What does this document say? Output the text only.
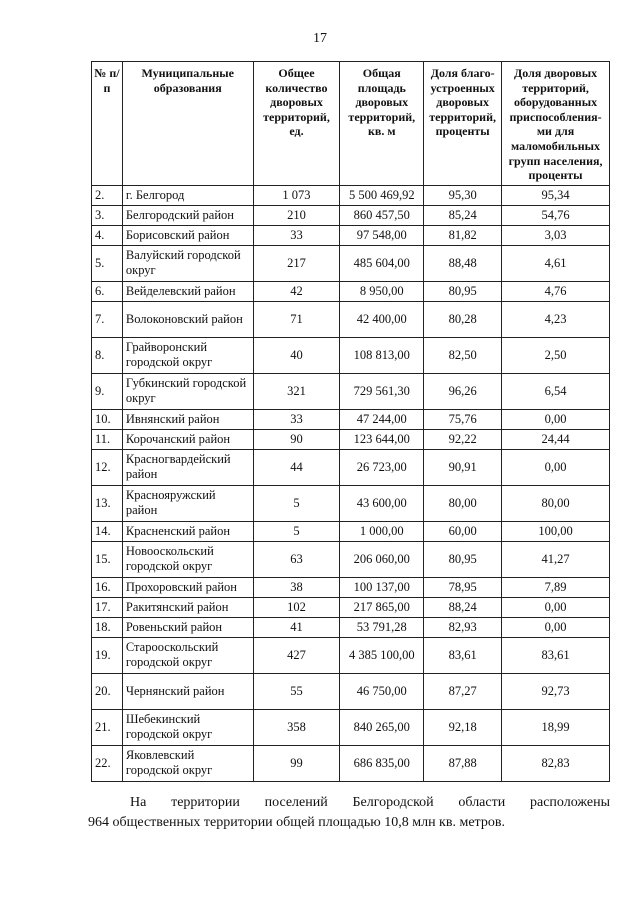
17
№ п/п	Муниципальные образования	Общее количество дворовых территорий, ед.	Общая площадь дворовых территорий, кв. м	Доля благо-устроенных дворовых территорий, проценты	Доля дворовых территорий, оборудованных приспособления-ми для маломобильных групп населения, проценты
2.	г. Белгород	1 073	5 500 469,92	95,30	95,34
3.	Белгородский район	210	860 457,50	85,24	54,76
4.	Борисовский район	33	97 548,00	81,82	3,03
5.	Валуйский городской округ	217	485 604,00	88,48	4,61
6.	Вейделевский район	42	8 950,00	80,95	4,76
7.	Волоконовский район	71	42 400,00	80,28	4,23
8.	Грайворонский городской округ	40	108 813,00	82,50	2,50
9.	Губкинский городской округ	321	729 561,30	96,26	6,54
10.	Ивнянский район	33	47 244,00	75,76	0,00
11.	Корочанский район	90	123 644,00	92,22	24,44
12.	Красногвардейский район	44	26 723,00	90,91	0,00
13.	Краснояружский район	5	43 600,00	80,00	80,00
14.	Красненский район	5	1 000,00	60,00	100,00
15.	Новооскольский городской округ	63	206 060,00	80,95	41,27
16.	Прохоровский район	38	100 137,00	78,95	7,89
17.	Ракитянский район	102	217 865,00	88,24	0,00
18.	Ровеньский район	41	53 791,28	82,93	0,00
19.	Старооскольский городской округ	427	4 385 100,00	83,61	83,61
20.	Чернянский район	55	46 750,00	87,27	92,73
21.	Шебекинский городской округ	358	840 265,00	92,18	18,99
22.	Яковлевский городской округ	99	686 835,00	87,88	82,83
На территории поселений Белгородской области расположены
964 общественных территории общей площадью 10,8 млн кв. метров.
